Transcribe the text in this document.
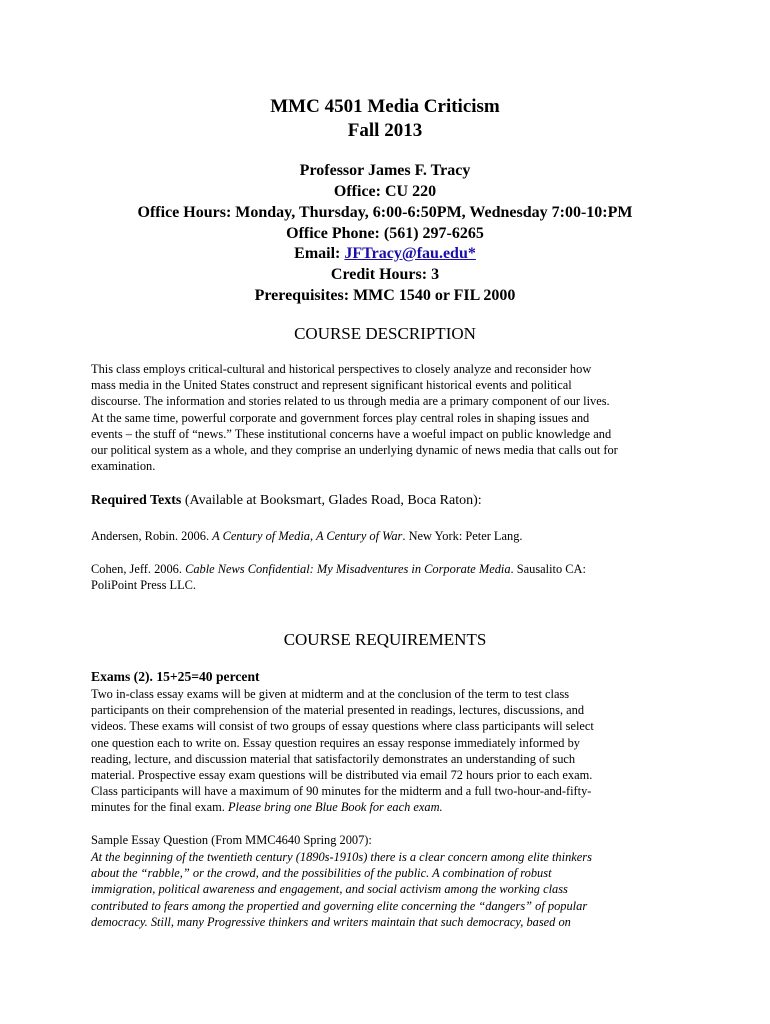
MMC 4501 Media Criticism
Fall 2013
Professor James F. Tracy
Office: CU 220
Office Hours: Monday, Thursday, 6:00-6:50PM, Wednesday 7:00-10:PM
Office Phone: (561) 297-6265
Email: JFTracy@fau.edu*
Credit Hours: 3
Prerequisites: MMC 1540 or FIL 2000
COURSE DESCRIPTION
This class employs critical-cultural and historical perspectives to closely analyze and reconsider how
mass media in the United States construct and represent significant historical events and political
discourse. The information and stories related to us through media are a primary component of our lives.
At the same time, powerful corporate and government forces play central roles in shaping issues and
events – the stuff of “news.” These institutional concerns have a woeful impact on public knowledge and
our political system as a whole, and they comprise an underlying dynamic of news media that calls out for
examination.
Required Texts (Available at Booksmart, Glades Road, Boca Raton):
Andersen, Robin. 2006. A Century of Media, A Century of War. New York: Peter Lang.
Cohen, Jeff. 2006. Cable News Confidential: My Misadventures in Corporate Media. Sausalito CA:
PoliPoint Press LLC.
COURSE REQUIREMENTS
Exams (2). 15+25=40 percent
Two in-class essay exams will be given at midterm and at the conclusion of the term to test class
participants on their comprehension of the material presented in readings, lectures, discussions, and
videos. These exams will consist of two groups of essay questions where class participants will select
one question each to write on. Essay question requires an essay response immediately informed by
reading, lecture, and discussion material that satisfactorily demonstrates an understanding of such
material. Prospective essay exam questions will be distributed via email 72 hours prior to each exam.
Class participants will have a maximum of 90 minutes for the midterm and a full two-hour-and-fifty-
minutes for the final exam. Please bring one Blue Book for each exam.
Sample Essay Question (From MMC4640 Spring 2007):
At the beginning of the twentieth century (1890s-1910s) there is a clear concern among elite thinkers
about the “rabble,” or the crowd, and the possibilities of the public. A combination of robust
immigration, political awareness and engagement, and social activism among the working class
contributed to fears among the propertied and governing elite concerning the “dangers” of popular
democracy. Still, many Progressive thinkers and writers maintain that such democracy, based on
